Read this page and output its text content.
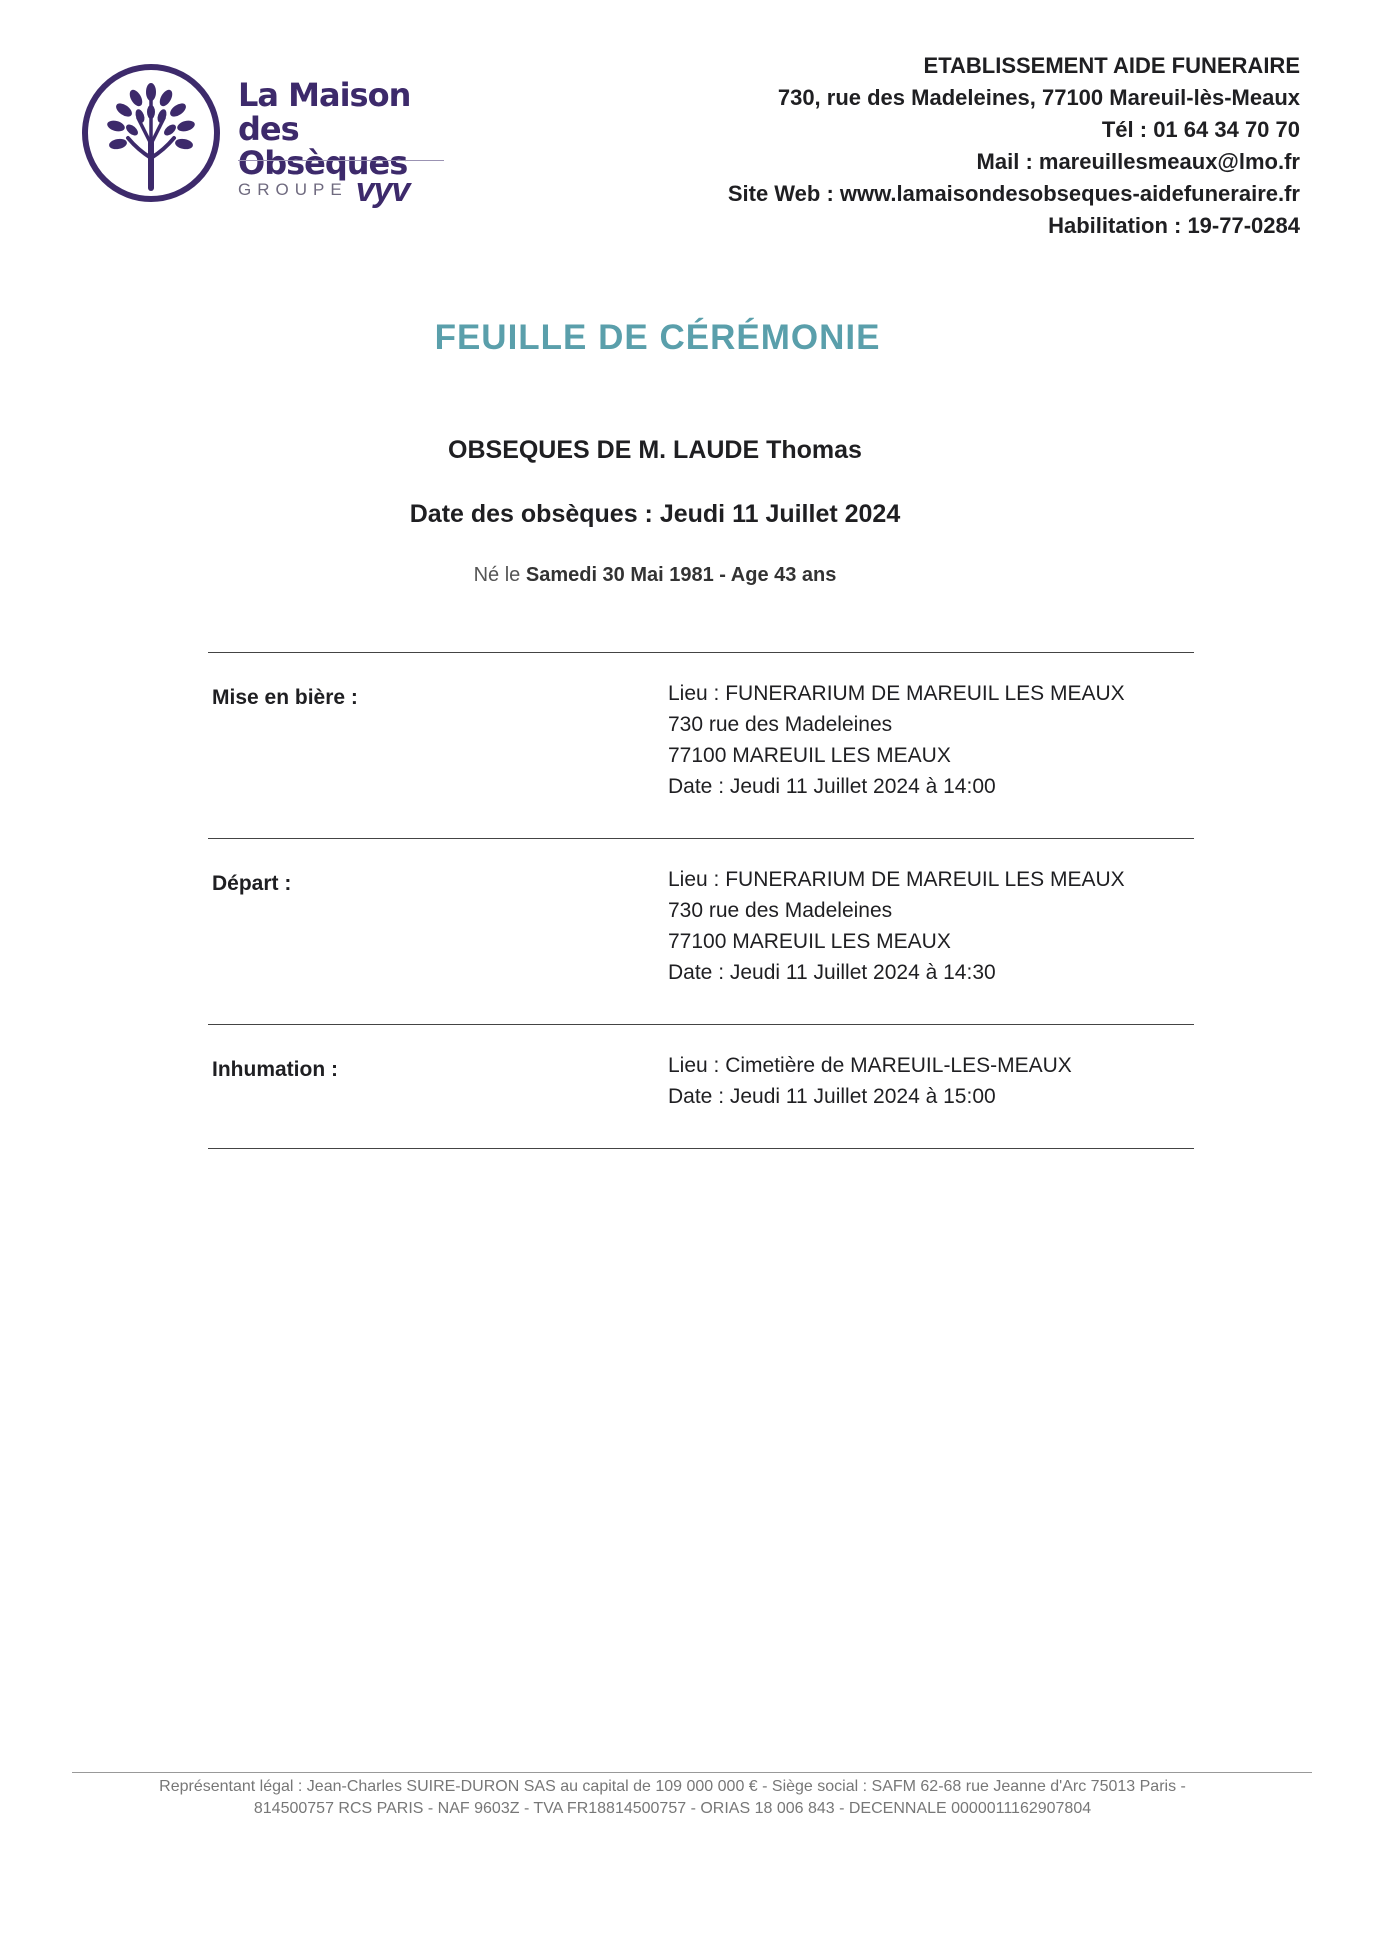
La Maison
des Obsèques
GROUPE vyv
ETABLISSEMENT AIDE FUNERAIRE
730, rue des Madeleines, 77100 Mareuil-lès-Meaux
Tél : 01 64 34 70 70
Mail : mareuillesmeaux@lmo.fr
Site Web : www.lamaisondesobseques-aidefuneraire.fr
Habilitation : 19-77-0284
FEUILLE DE CÉRÉMONIE
OBSEQUES DE M. LAUDE Thomas
Date des obsèques : Jeudi 11 Juillet 2024
Né le Samedi 30 Mai 1981 - Age 43 ans
Mise en bière :	Lieu : FUNERARIUM DE MAREUIL LES MEAUX
730 rue des Madeleines
77100 MAREUIL LES MEAUX
Date : Jeudi 11 Juillet 2024 à 14:00
Départ :	Lieu : FUNERARIUM DE MAREUIL LES MEAUX
730 rue des Madeleines
77100 MAREUIL LES MEAUX
Date : Jeudi 11 Juillet 2024 à 14:30
Inhumation :	Lieu : Cimetière de MAREUIL-LES-MEAUX
Date : Jeudi 11 Juillet 2024 à 15:00
Représentant légal : Jean-Charles SUIRE-DURON SAS au capital de 109 000 000 € - Siège social : SAFM 62-68 rue Jeanne d'Arc 75013 Paris -
814500757 RCS PARIS - NAF 9603Z - TVA FR18814500757 - ORIAS 18 006 843 - DECENNALE 0000011162907804
